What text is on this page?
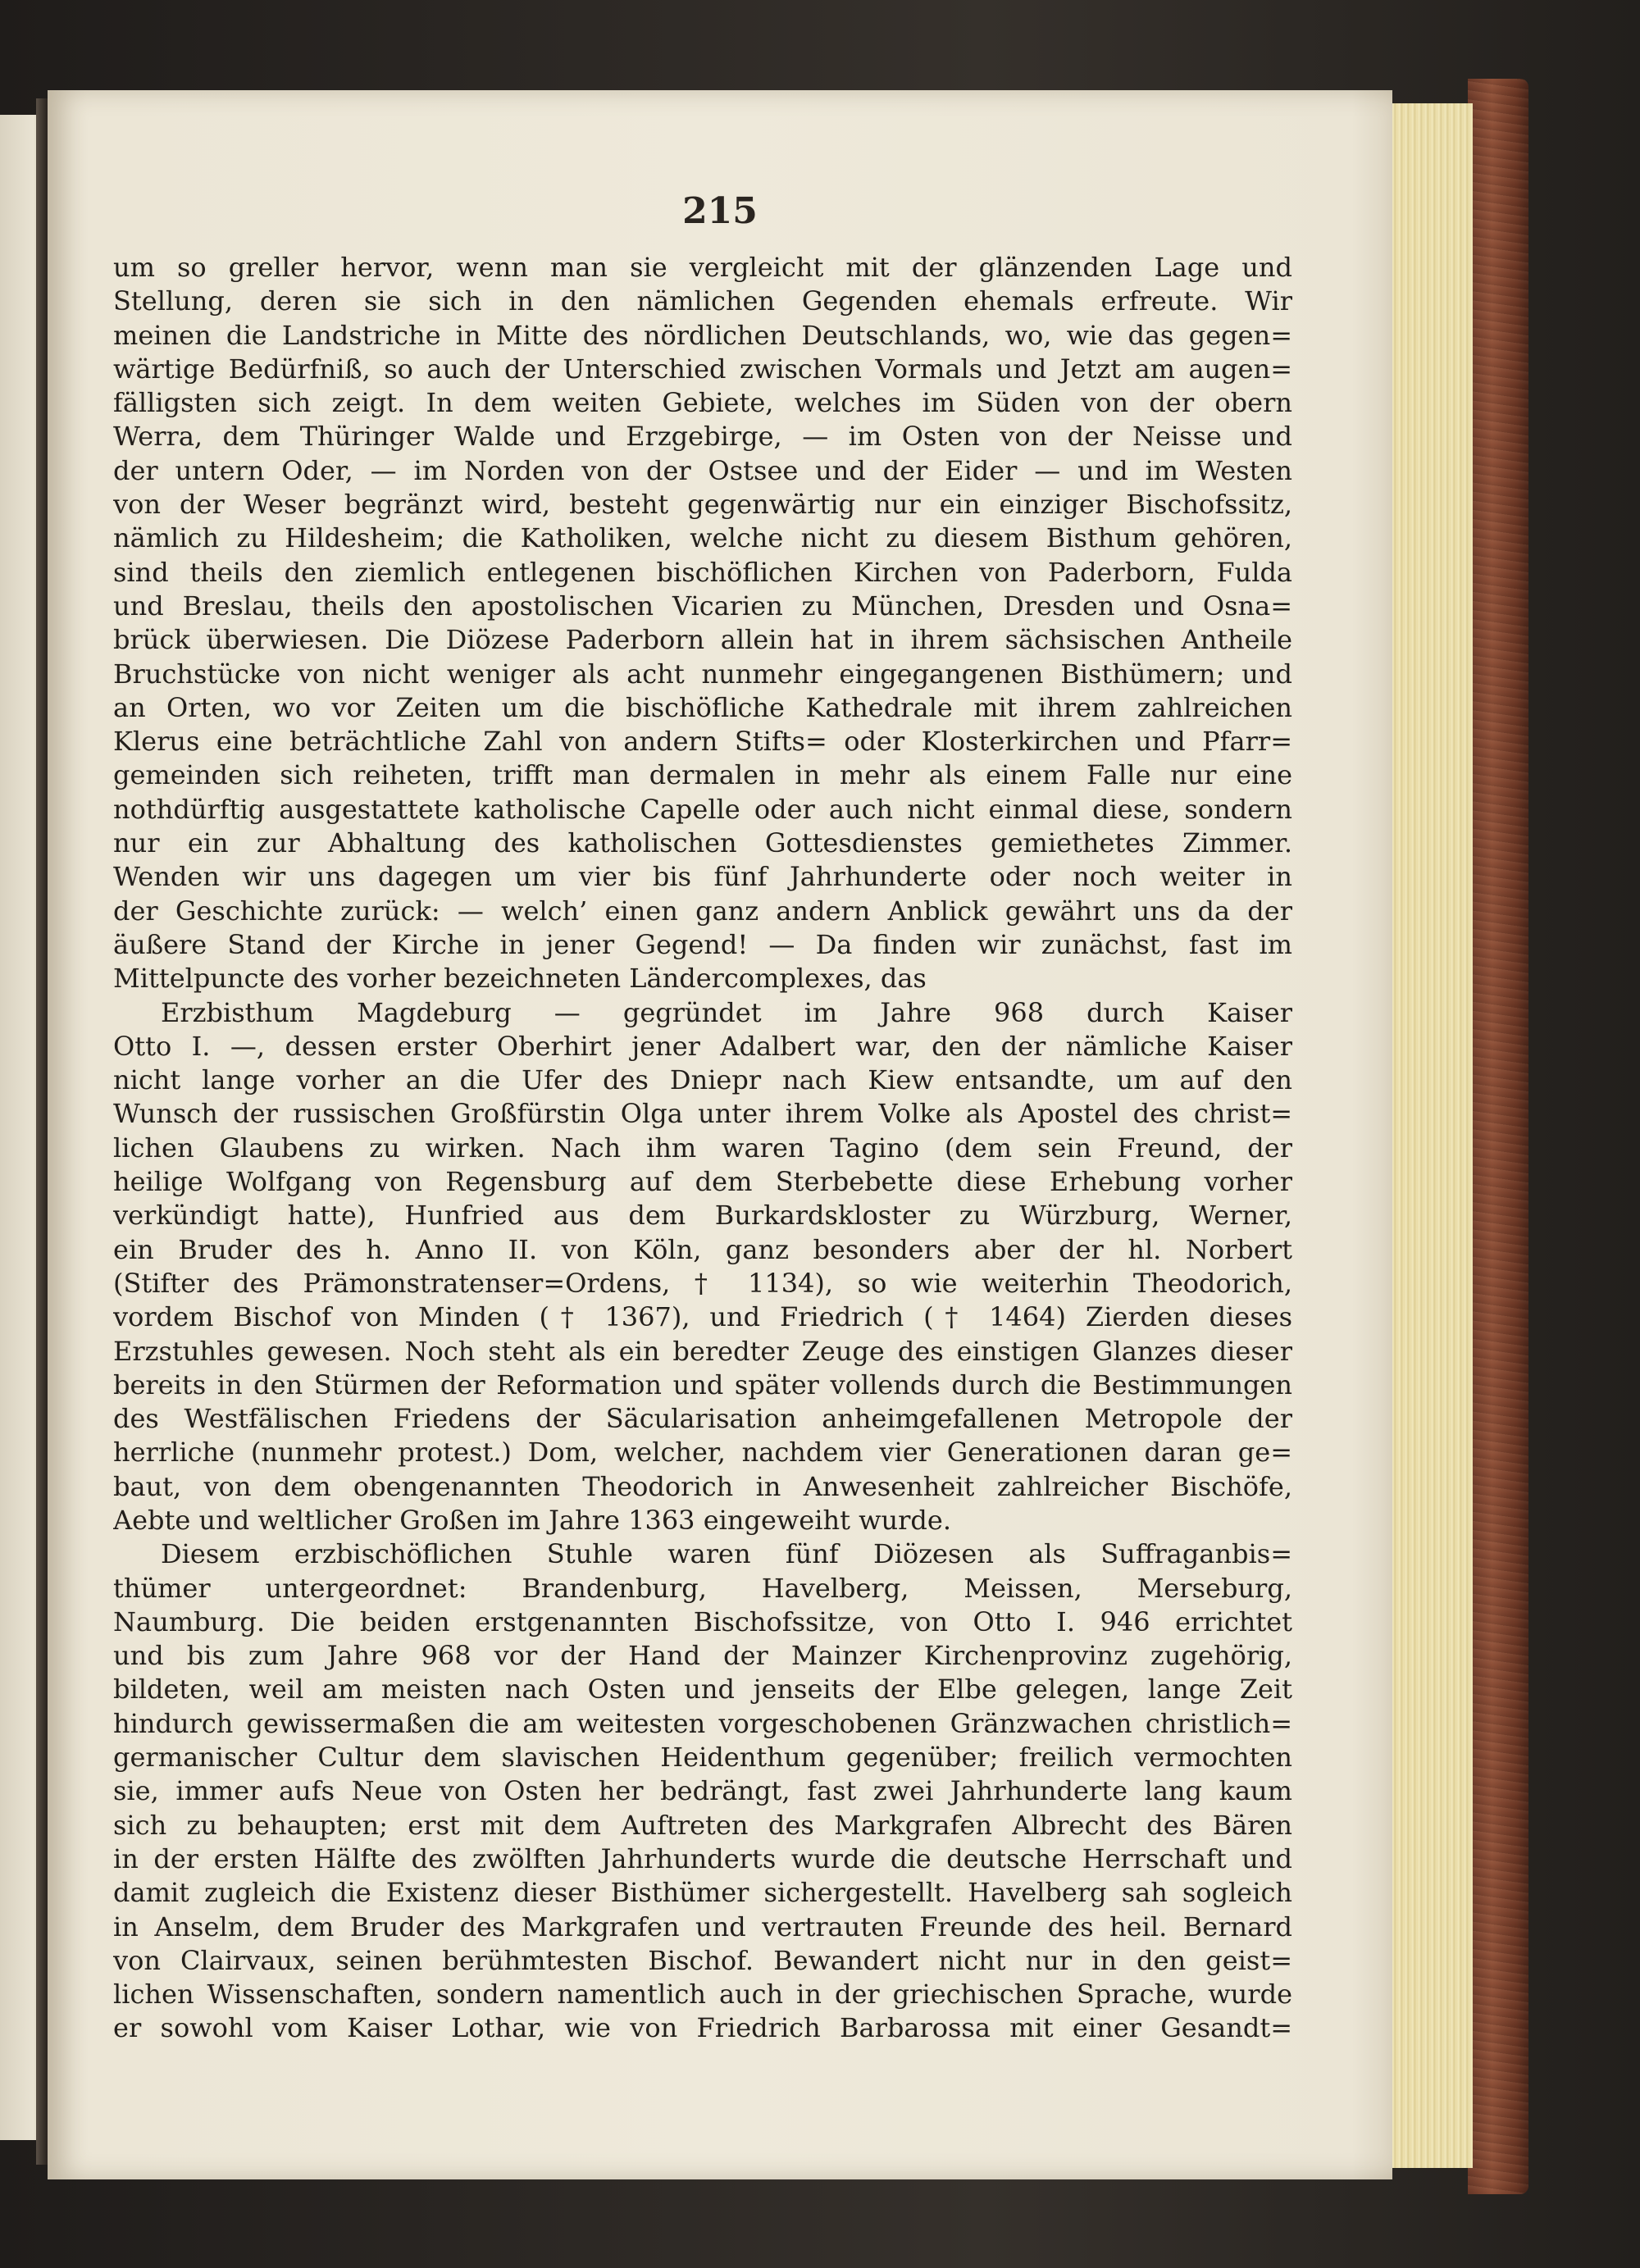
215

um so greller hervor, wenn man sie vergleicht mit der glänzenden Lage und
Stellung, deren sie sich in den nämlichen Gegenden ehemals erfreute. Wir
meinen die Landstriche in Mitte des nördlichen Deutschlands, wo, wie das gegen=
wärtige Bedürfniß, so auch der Unterschied zwischen Vormals und Jetzt am augen=
fälligsten sich zeigt. In dem weiten Gebiete, welches im Süden von der obern
Werra, dem Thüringer Walde und Erzgebirge, — im Osten von der Neisse und
der untern Oder, — im Norden von der Ostsee und der Eider — und im Westen
von der Weser begränzt wird, besteht gegenwärtig nur ein einziger Bischofssitz,
nämlich zu Hildesheim; die Katholiken, welche nicht zu diesem Bisthum gehören,
sind theils den ziemlich entlegenen bischöflichen Kirchen von Paderborn, Fulda
und Breslau, theils den apostolischen Vicarien zu München, Dresden und Osna=
brück überwiesen. Die Diözese Paderborn allein hat in ihrem sächsischen Antheile
Bruchstücke von nicht weniger als acht nunmehr eingegangenen Bisthümern; und
an Orten, wo vor Zeiten um die bischöfliche Kathedrale mit ihrem zahlreichen
Klerus eine beträchtliche Zahl von andern Stifts= oder Klosterkirchen und Pfarr=
gemeinden sich reiheten, trifft man dermalen in mehr als einem Falle nur eine
nothdürftig ausgestattete katholische Capelle oder auch nicht einmal diese, sondern
nur ein zur Abhaltung des katholischen Gottesdienstes gemiethetes Zimmer.
Wenden wir uns dagegen um vier bis fünf Jahrhunderte oder noch weiter in
der Geschichte zurück: — welch’ einen ganz andern Anblick gewährt uns da der
äußere Stand der Kirche in jener Gegend! — Da finden wir zunächst, fast im
Mittelpuncte des vorher bezeichneten Ländercomplexes, das

Erzbisthum Magdeburg — gegründet im Jahre 968 durch Kaiser
Otto I. —, dessen erster Oberhirt jener Adalbert war, den der nämliche Kaiser
nicht lange vorher an die Ufer des Dniepr nach Kiew entsandte, um auf den
Wunsch der russischen Großfürstin Olga unter ihrem Volke als Apostel des christ=
lichen Glaubens zu wirken. Nach ihm waren Tagino (dem sein Freund, der
heilige Wolfgang von Regensburg auf dem Sterbebette diese Erhebung vorher
verkündigt hatte), Hunfried aus dem Burkardskloster zu Würzburg, Werner,
ein Bruder des h. Anno II. von Köln, ganz besonders aber der hl. Norbert
(Stifter des Prämonstratenser=Ordens, † 1134), so wie weiterhin Theodorich,
vordem Bischof von Minden († 1367), und Friedrich († 1464) Zierden dieses
Erzstuhles gewesen. Noch steht als ein beredter Zeuge des einstigen Glanzes dieser
bereits in den Stürmen der Reformation und später vollends durch die Bestimmungen
des Westfälischen Friedens der Säcularisation anheimgefallenen Metropole der
herrliche (nunmehr protest.) Dom, welcher, nachdem vier Generationen daran ge=
baut, von dem obengenannten Theodorich in Anwesenheit zahlreicher Bischöfe,
Aebte und weltlicher Großen im Jahre 1363 eingeweiht wurde.

Diesem erzbischöflichen Stuhle waren fünf Diözesen als Suffraganbis=
thümer untergeordnet: Brandenburg, Havelberg, Meissen, Merseburg,
Naumburg. Die beiden erstgenannten Bischofssitze, von Otto I. 946 errichtet
und bis zum Jahre 968 vor der Hand der Mainzer Kirchenprovinz zugehörig,
bildeten, weil am meisten nach Osten und jenseits der Elbe gelegen, lange Zeit
hindurch gewissermaßen die am weitesten vorgeschobenen Gränzwachen christlich=
germanischer Cultur dem slavischen Heidenthum gegenüber; freilich vermochten
sie, immer aufs Neue von Osten her bedrängt, fast zwei Jahrhunderte lang kaum
sich zu behaupten; erst mit dem Auftreten des Markgrafen Albrecht des Bären
in der ersten Hälfte des zwölften Jahrhunderts wurde die deutsche Herrschaft und
damit zugleich die Existenz dieser Bisthümer sichergestellt. Havelberg sah sogleich
in Anselm, dem Bruder des Markgrafen und vertrauten Freunde des heil. Bernard
von Clairvaux, seinen berühmtesten Bischof. Bewandert nicht nur in den geist=
lichen Wissenschaften, sondern namentlich auch in der griechischen Sprache, wurde
er sowohl vom Kaiser Lothar, wie von Friedrich Barbarossa mit einer Gesandt=
